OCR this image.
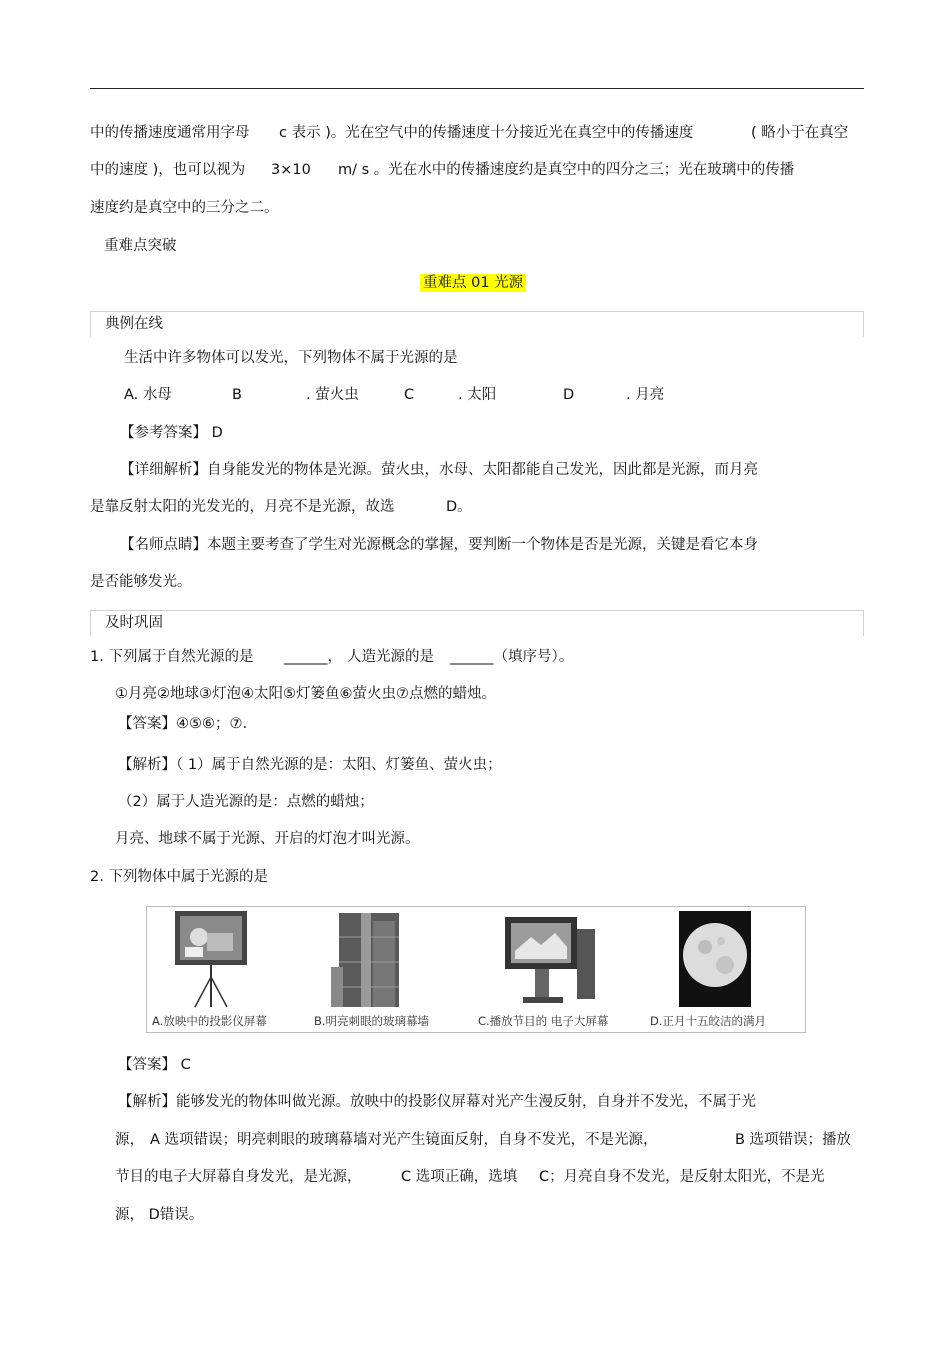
中的传播速度通常用字母 c 表示 )。光在空气中的传播速度十分接近光在真空中的传播速度	( 略小于在真空
中的速度 )，也可以视为 3×10 m/ s 。光在水中的传播速度约是真空中的四分之三；光在玻璃中的传播
速度约是真空中的三分之二。
重难点突破
重难点 01 光源
典例在线
生活中许多物体可以发光，下列物体不属于光源的是
A. 水母	B	. 萤火虫	C	. 太阳	D	. 月亮
【参考答案】 D
【详细解析】自身能发光的物体是光源。萤火虫，水母、太阳都能自己发光，因此都是光源，而月亮
是靠反射太阳的光发光的，月亮不是光源，故选	D。
【名师点睛】本题主要考查了学生对光源概念的掌握，要判断一个物体是否是光源，关键是看它本身
是否能够发光。
及时巩固
1. 下列属于自然光源的是 ______， 人造光源的是 ______（填序号）。
①月亮②地球③灯泡④太阳⑤灯篓鱼⑥萤火虫⑦点燃的蜡烛。
【答案】④⑤⑥；⑦.
【解析】（ 1）属于自然光源的是：太阳、灯篓鱼、萤火虫；
（2）属于人造光源的是：点燃的蜡烛；
月亮、地球不属于光源、开启的灯泡才叫光源。
2. 下列物体中属于光源的是
A.放映中的投影仪屏幕	B.明亮刺眼的玻璃幕墙	C.播放节目的 电子大屏幕	D.正月十五皎洁的满月
【答案】 C
【解析】能够发光的物体叫做光源。放映中的投影仪屏幕对光产生漫反射，自身并不发光，不属于光
源， A 选项错误；明亮刺眼的玻璃幕墙对光产生镜面反射，自身不发光，不是光源，	B 选项错误；播放
节目的电子大屏幕自身发光，是光源，	C 选项正确，选填 C；月亮自身不发光，是反射太阳光，不是光
源， D错误。
